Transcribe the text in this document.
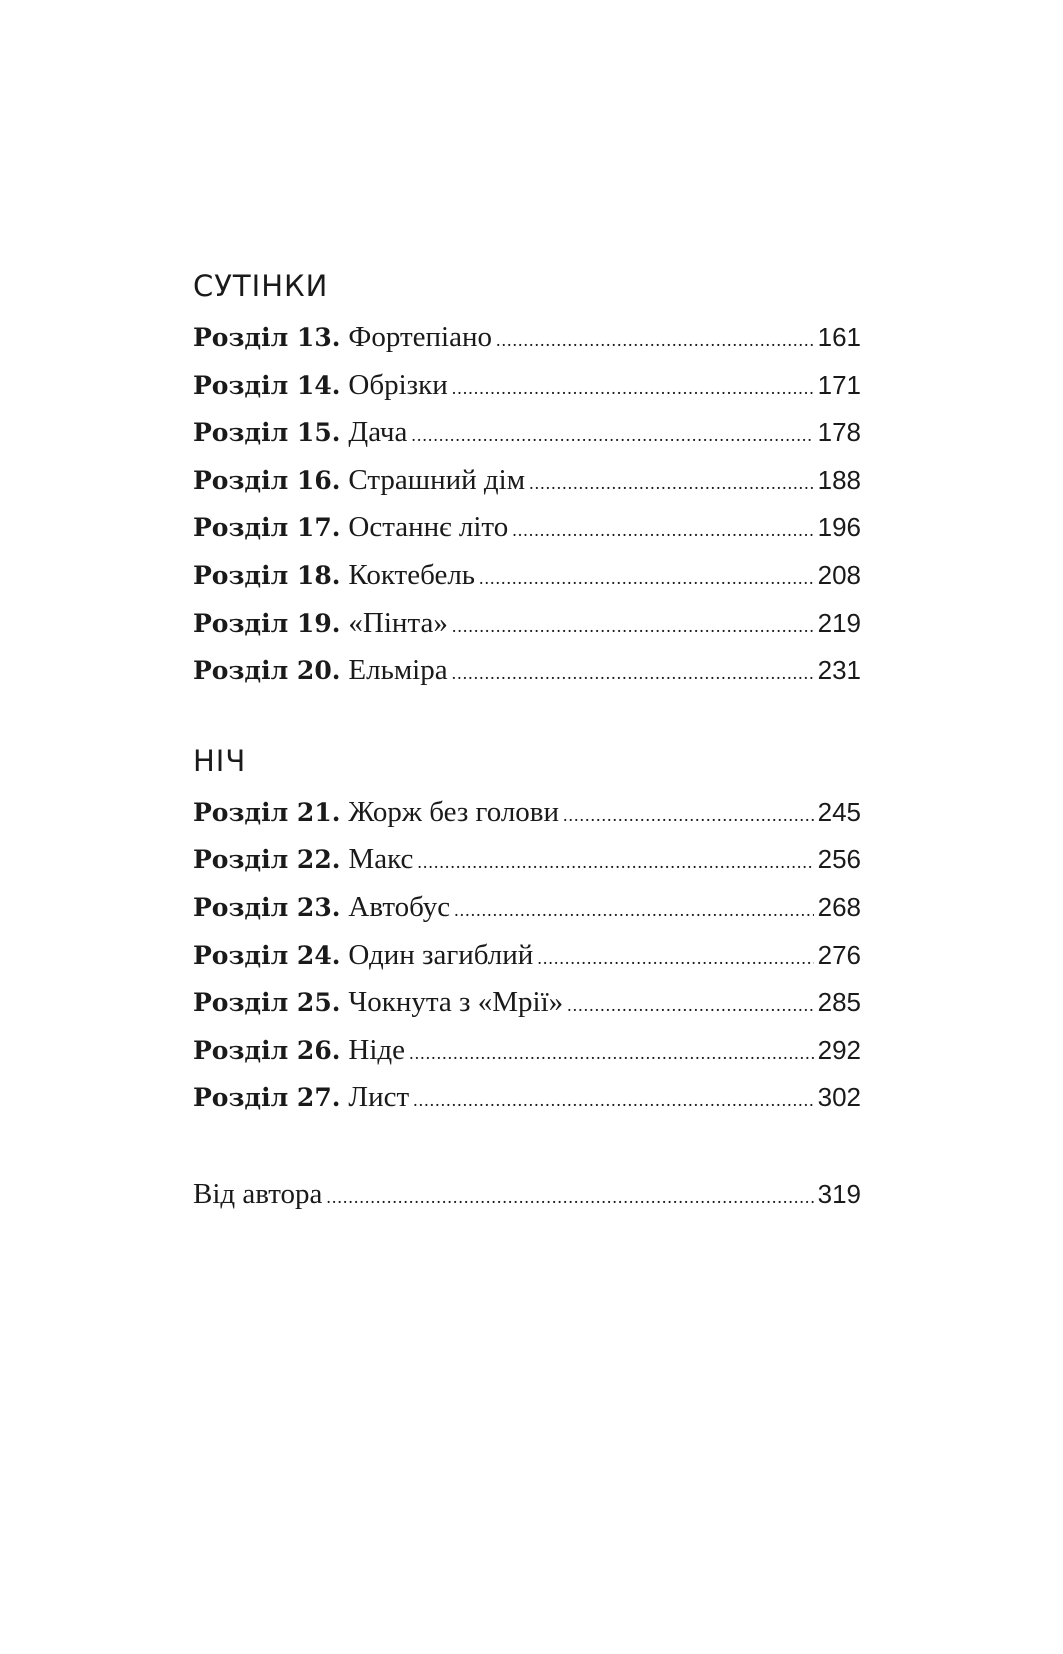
СУТІНКИ
Розділ 13. Фортепіано .....	161
Розділ 14. Обрізки .....	171
Розділ 15. Дача .....	178
Розділ 16. Страшний дім .....	188
Розділ 17. Останнє літо .....	196
Розділ 18. Коктебель .....	208
Розділ 19. «Пінта» .....	219
Розділ 20. Ельміра .....	231
НІЧ
Розділ 21. Жорж без голови .....	245
Розділ 22. Макс .....	256
Розділ 23. Автобус .....	268
Розділ 24. Один загиблий .....	276
Розділ 25. Чокнута з «Мрії» .....	285
Розділ 26. Ніде .....	292
Розділ 27. Лист .....	302
Від автора .....	319
